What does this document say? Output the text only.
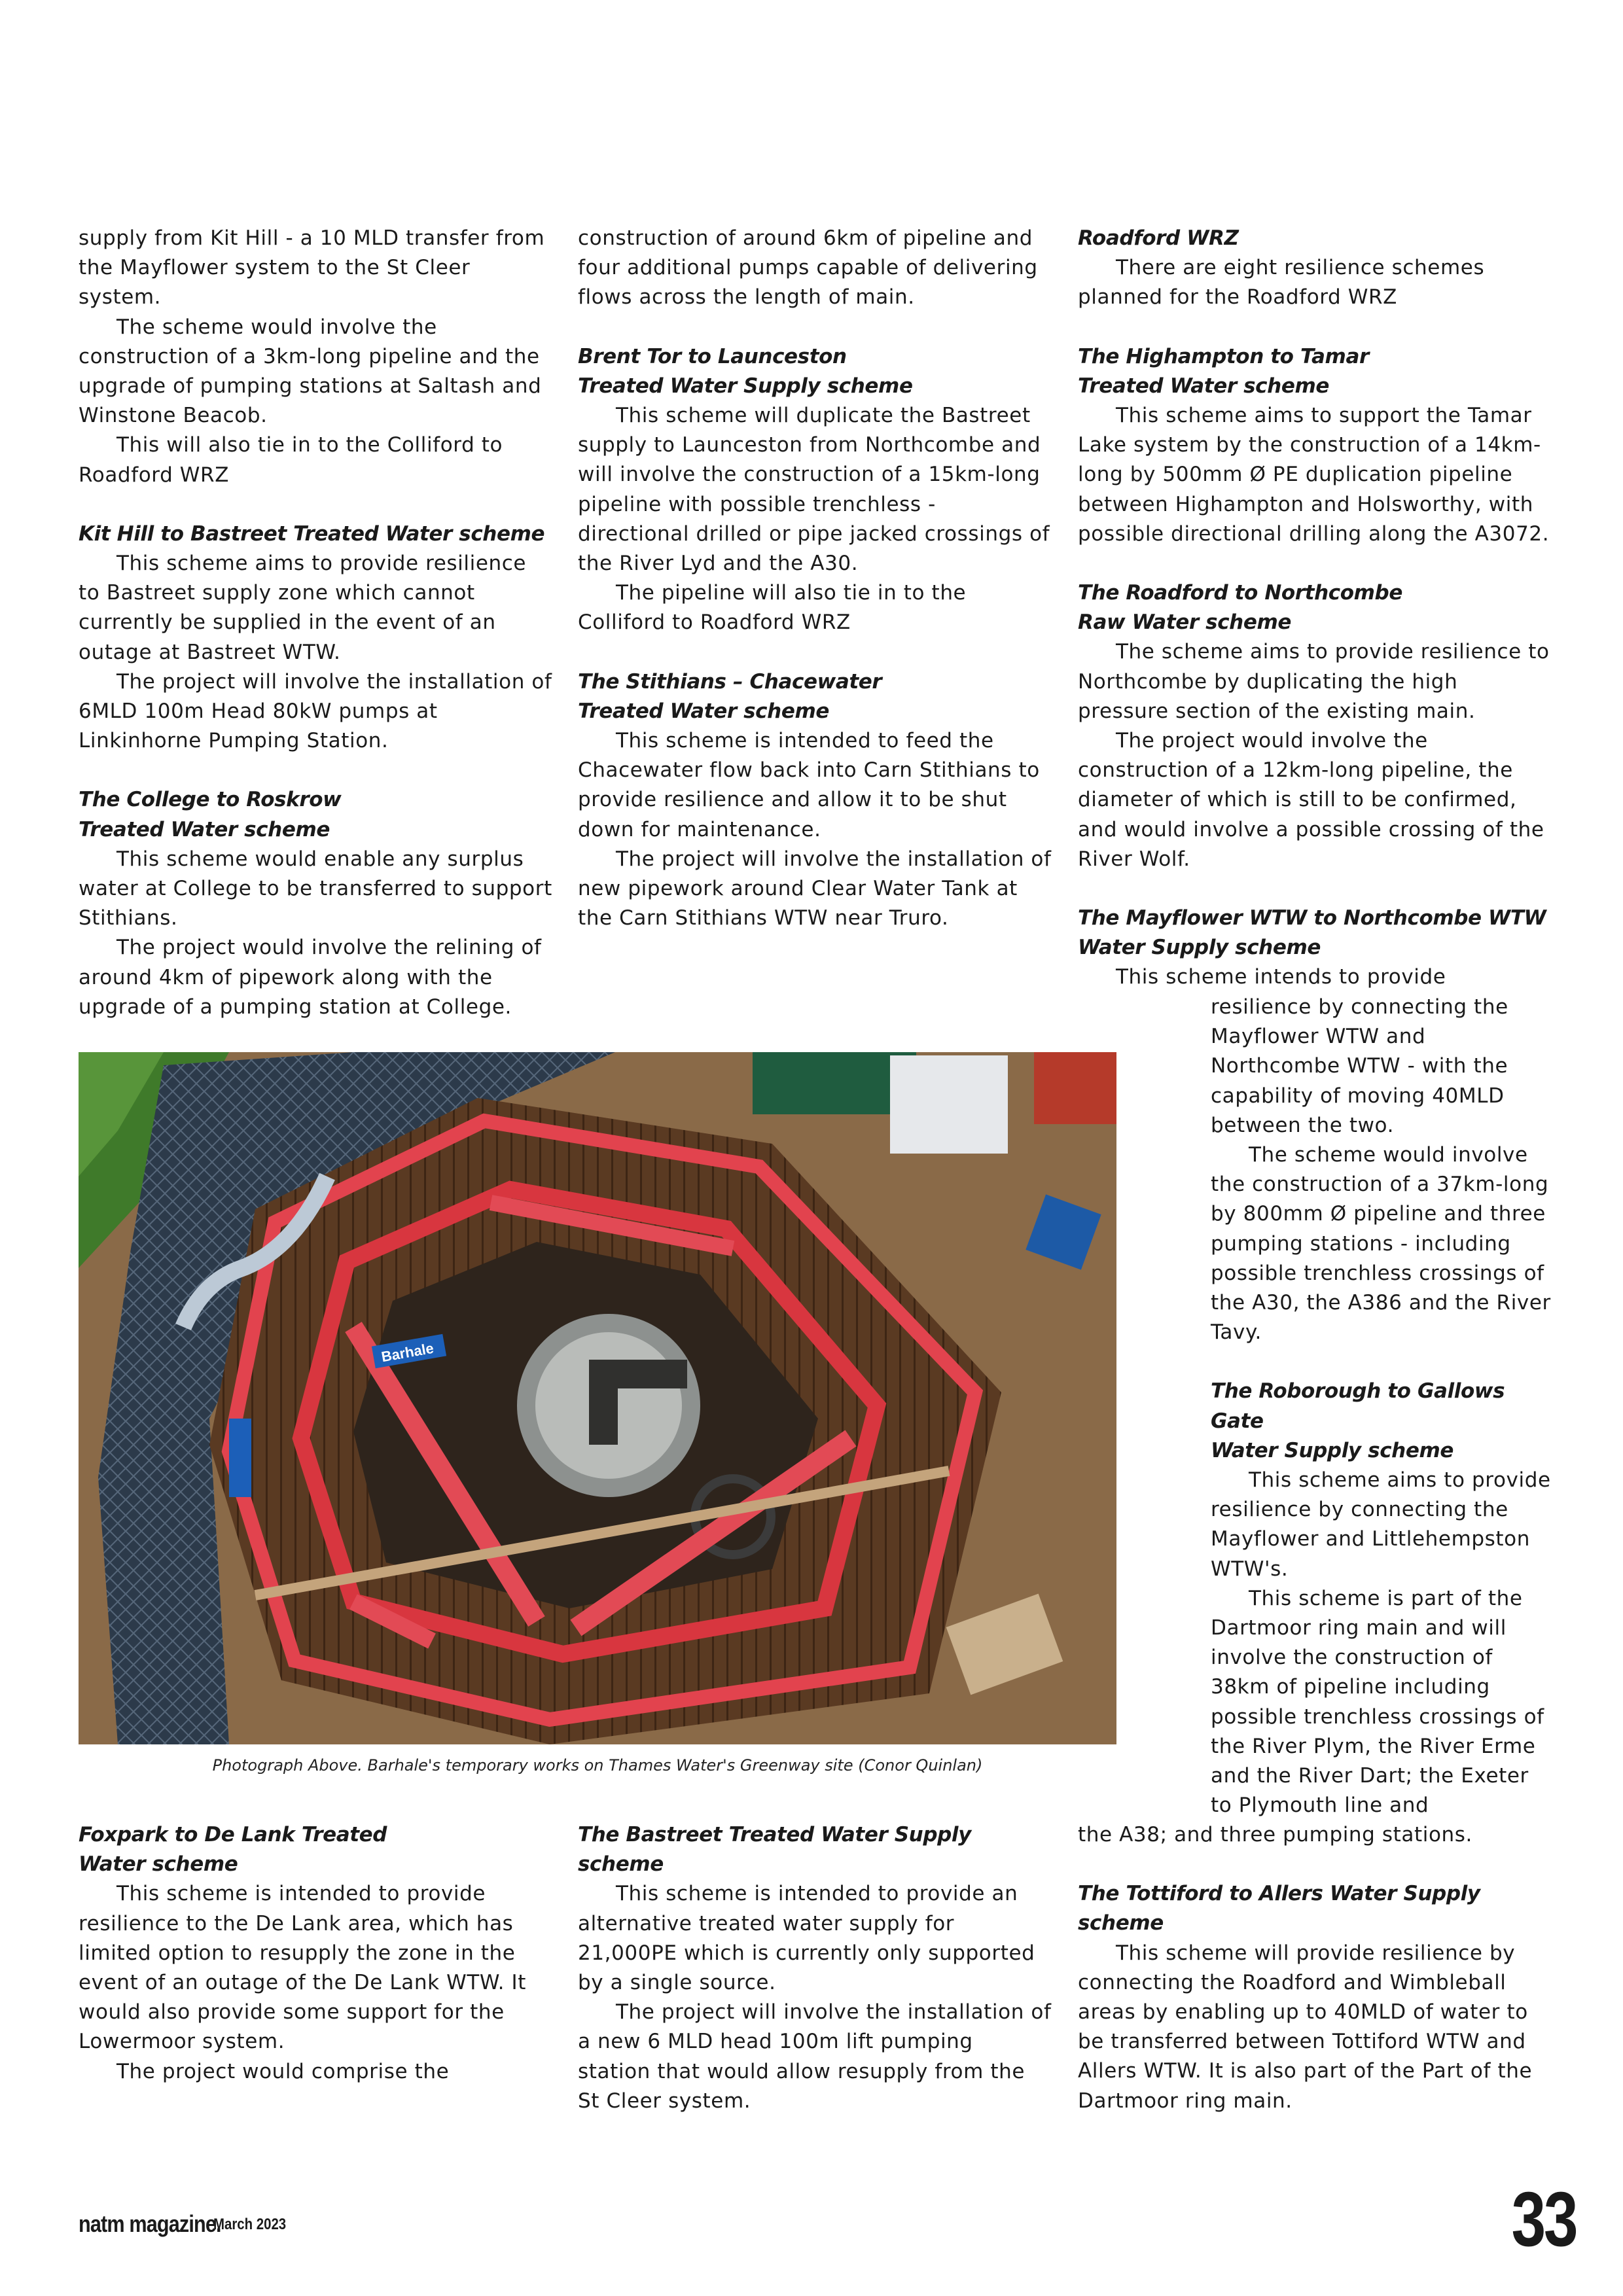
supply from Kit Hill - a 10 MLD transfer from the Mayflower system to the St Cleer system.

The scheme would involve the construction of a 3km-long pipeline and the upgrade of pumping stations at Saltash and Winstone Beacob.

This will also tie in to the Colliford to Roadford WRZ

Kit Hill to Bastreet Treated Water scheme

This scheme aims to provide resilience to Bastreet supply zone which cannot currently be supplied in the event of an outage at Bastreet WTW.

The project will involve the installation of 6MLD 100m Head 80kW pumps at Linkinhorne Pumping Station.

The College to Roskrow
Treated Water scheme

This scheme would enable any surplus water at College to be transferred to support Stithians.

The project would involve the relining of around 4km of pipework along with the upgrade of a pumping station at College.

construction of around 6km of pipeline and four additional pumps capable of delivering flows across the length of main.

Brent Tor to Launceston
Treated Water Supply scheme

This scheme will duplicate the Bastreet supply to Launceston from Northcombe and will involve the construction of a 15km-long pipeline with possible trenchless - directional drilled or pipe jacked crossings of the River Lyd and the A30.

The pipeline will also tie in to the Colliford to Roadford WRZ

The Stithians – Chacewater
Treated Water scheme

This scheme is intended to feed the Chacewater flow back into Carn Stithians to provide resilience and allow it to be shut down for maintenance.

The project will involve the installation of new pipework around Clear Water Tank at the Carn Stithians WTW near Truro.

Roadford WRZ

There are eight resilience schemes planned for the Roadford WRZ

The Highampton to Tamar
Treated Water scheme

This scheme aims to support the Tamar Lake system by the construction of a 14km-long by 500mm Ø PE duplication pipeline between Highampton and Holsworthy, with possible directional drilling along the A3072.

The Roadford to Northcombe
Raw Water scheme

The scheme aims to provide resilience to Northcombe by duplicating the high pressure section of the existing main.

The project would involve the construction of a 12km-long pipeline, the diameter of which is still to be confirmed, and would involve a possible crossing of the River Wolf.

The Mayflower WTW to Northcombe WTW
Water Supply scheme

This scheme intends to provide

resilience by connecting the Mayflower WTW and Northcombe WTW - with the capability of moving 40MLD between the two.

The scheme would involve the construction of a 37km-long by 800mm Ø pipeline and three pumping stations - including possible trenchless crossings of the A30, the A386 and the River Tavy.

The Roborough to Gallows Gate
Water Supply scheme

This scheme aims to provide resilience by connecting the Mayflower and Littlehempston WTW's.

This scheme is part of the Dartmoor ring main and will involve the construction of 38km of pipeline including possible trenchless crossings of the River Plym, the River Erme and the River Dart; the Exeter to Plymouth line and

the A38; and three pumping stations.

The Tottiford to Allers Water Supply scheme

This scheme will provide resilience by connecting the Roadford and Wimbleball areas by enabling up to 40MLD of water to be transferred between Tottiford WTW and Allers WTW. It is also part of the Part of the Dartmoor ring main.

Barhale
Photograph Above. Barhale's temporary works on Thames Water's Greenway site (Conor Quinlan)
Foxpark to De Lank Treated
Water scheme

This scheme is intended to provide resilience to the De Lank area, which has limited option to resupply the zone in the event of an outage of the De Lank WTW. It would also provide some support for the Lowermoor system.

The project would comprise the

The Bastreet Treated Water Supply scheme

This scheme is intended to provide an alternative treated water supply for 21,000PE which is currently only supported by a single source.

The project will involve the installation of a new 6 MLD head 100m lift pumping station that would allow resupply from the St Cleer system.

natm magazine.
March 2023	33
